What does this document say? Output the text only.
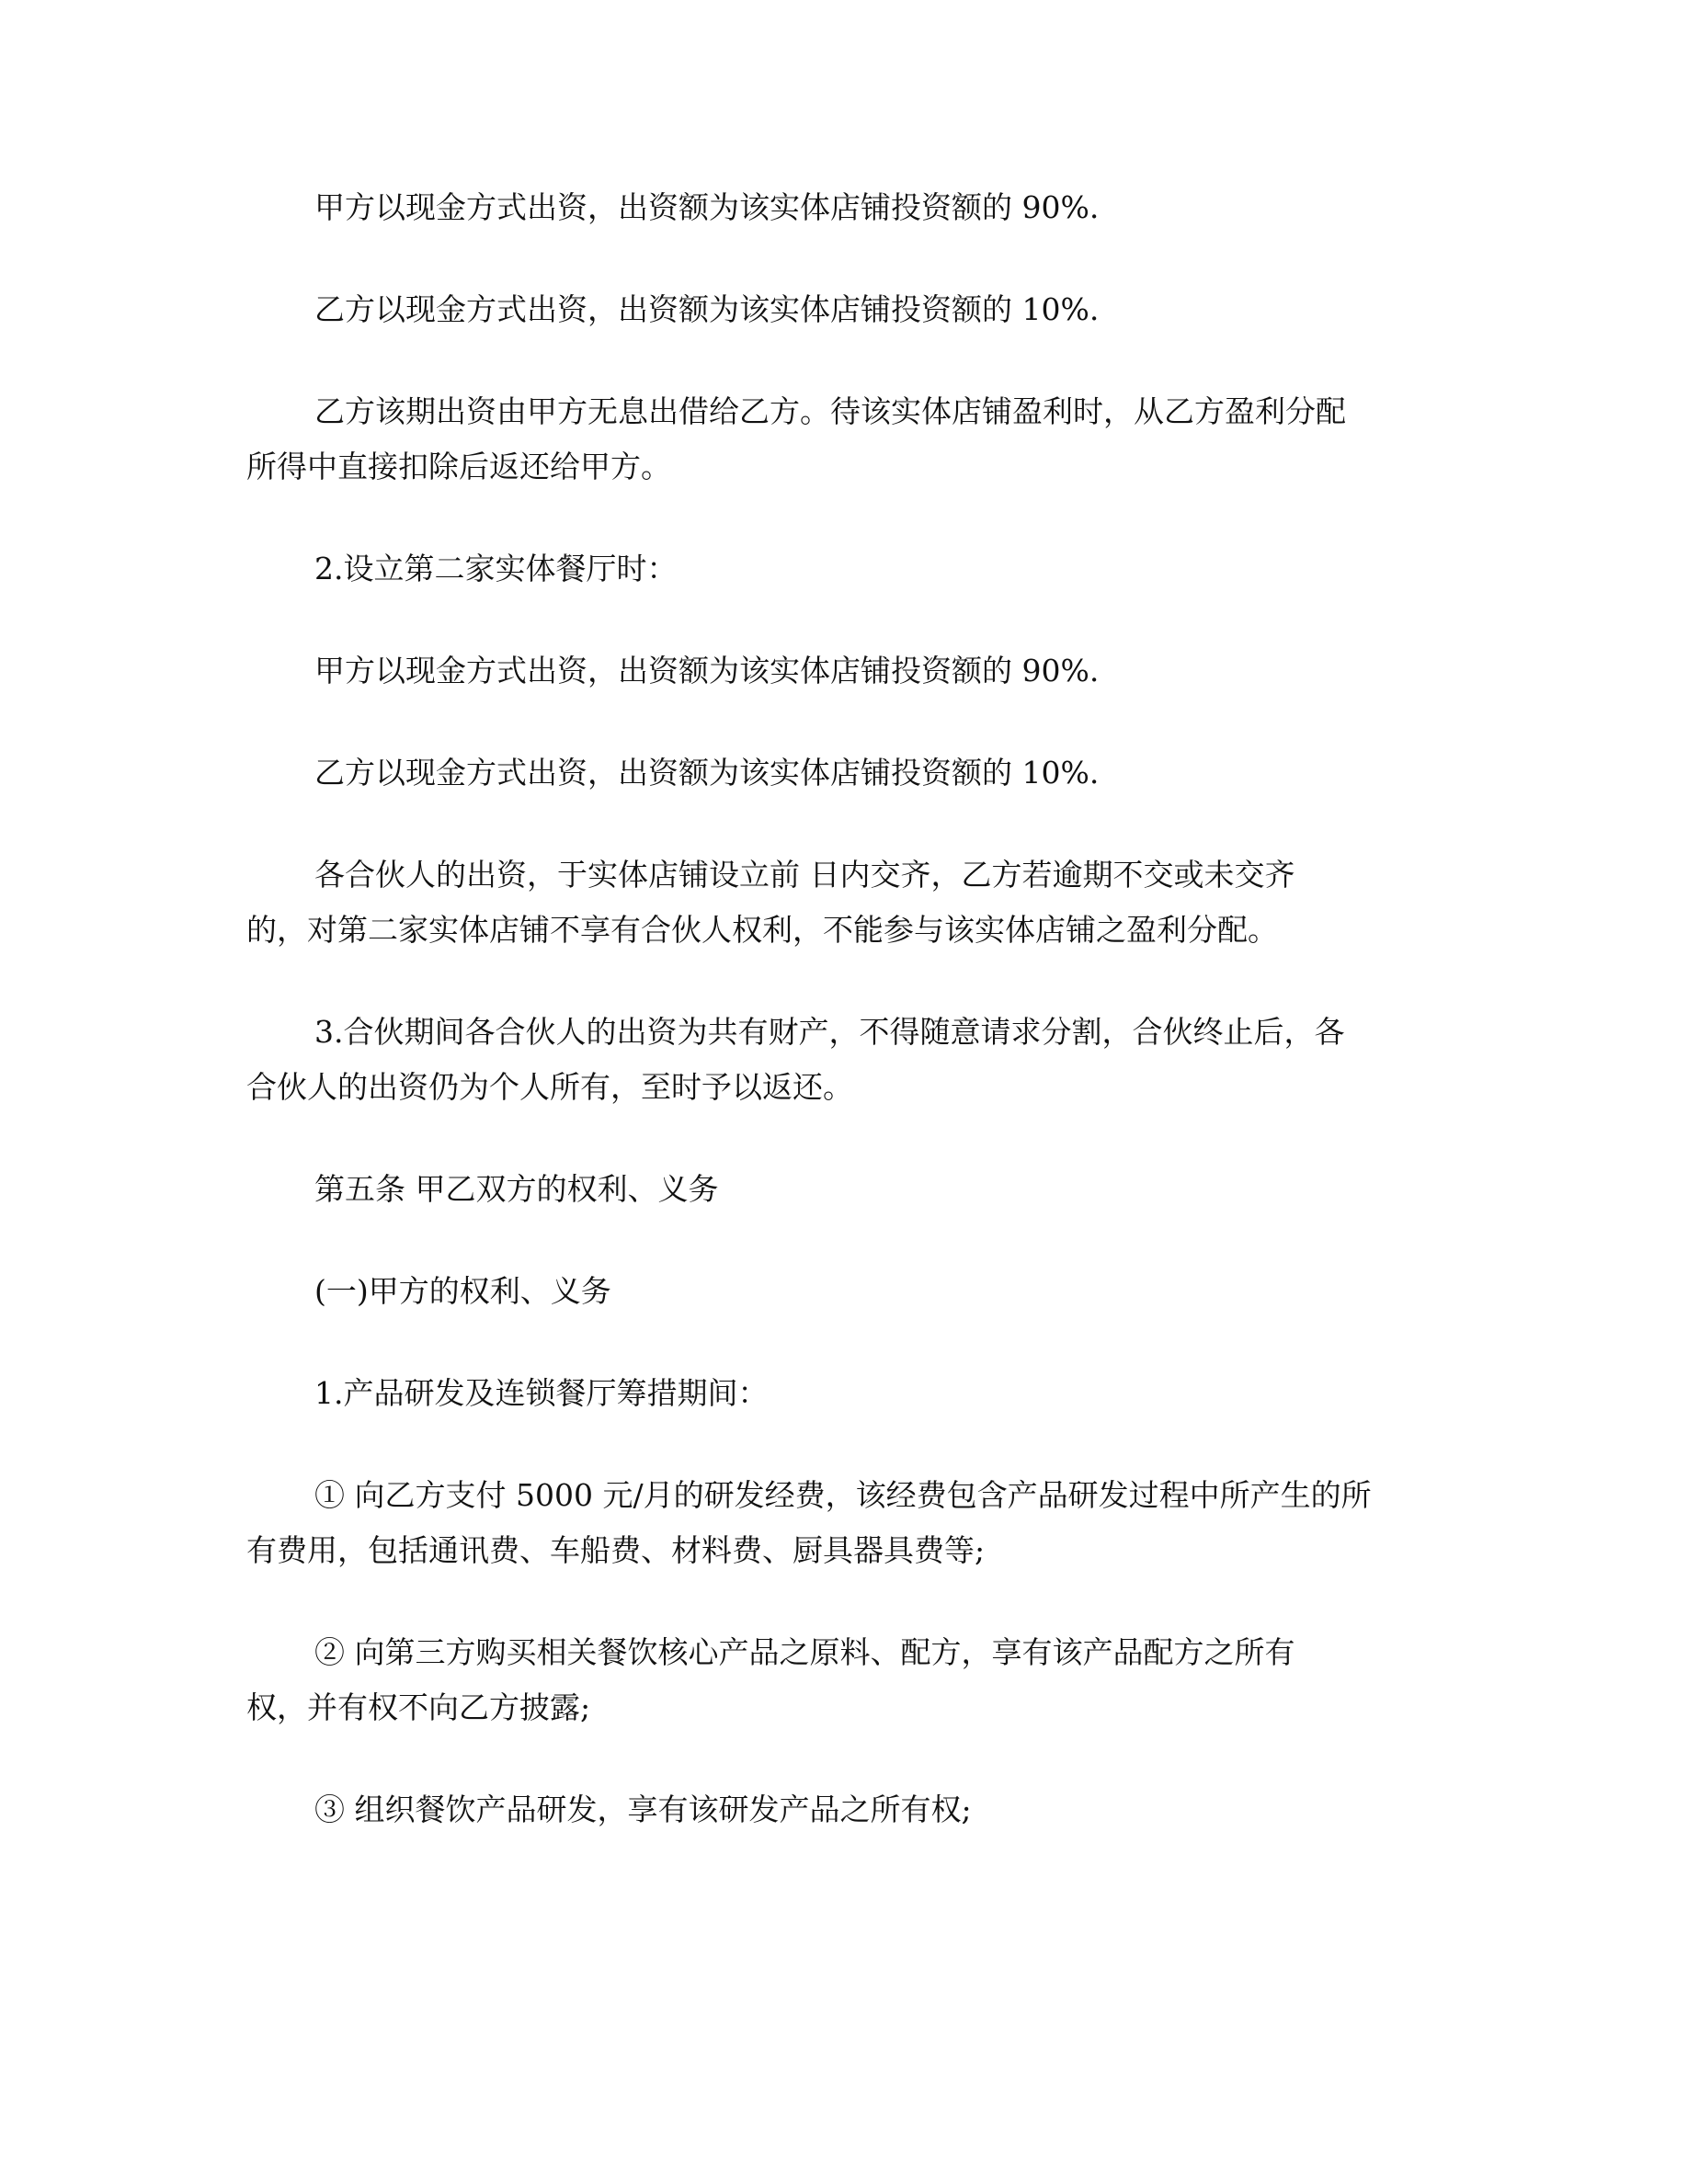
甲方以现金方式出资，出资额为该实体店铺投资额的 90%.

乙方以现金方式出资，出资额为该实体店铺投资额的 10%.

乙方该期出资由甲方无息出借给乙方。待该实体店铺盈利时，从乙方盈利分配
所得中直接扣除后返还给甲方。

2.设立第二家实体餐厅时：

甲方以现金方式出资，出资额为该实体店铺投资额的 90%.

乙方以现金方式出资，出资额为该实体店铺投资额的 10%.

各合伙人的出资，于实体店铺设立前 日内交齐，乙方若逾期不交或未交齐
的，对第二家实体店铺不享有合伙人权利，不能参与该实体店铺之盈利分配。

3.合伙期间各合伙人的出资为共有财产，不得随意请求分割，合伙终止后，各
合伙人的出资仍为个人所有，至时予以返还。

第五条 甲乙双方的权利、义务

(一)甲方的权利、义务

1.产品研发及连锁餐厅筹措期间：

① 向乙方支付 5000 元/月的研发经费，该经费包含产品研发过程中所产生的所
有费用，包括通讯费、车船费、材料费、厨具器具费等;

② 向第三方购买相关餐饮核心产品之原料、配方，享有该产品配方之所有
权，并有权不向乙方披露;

③ 组织餐饮产品研发，享有该研发产品之所有权;
